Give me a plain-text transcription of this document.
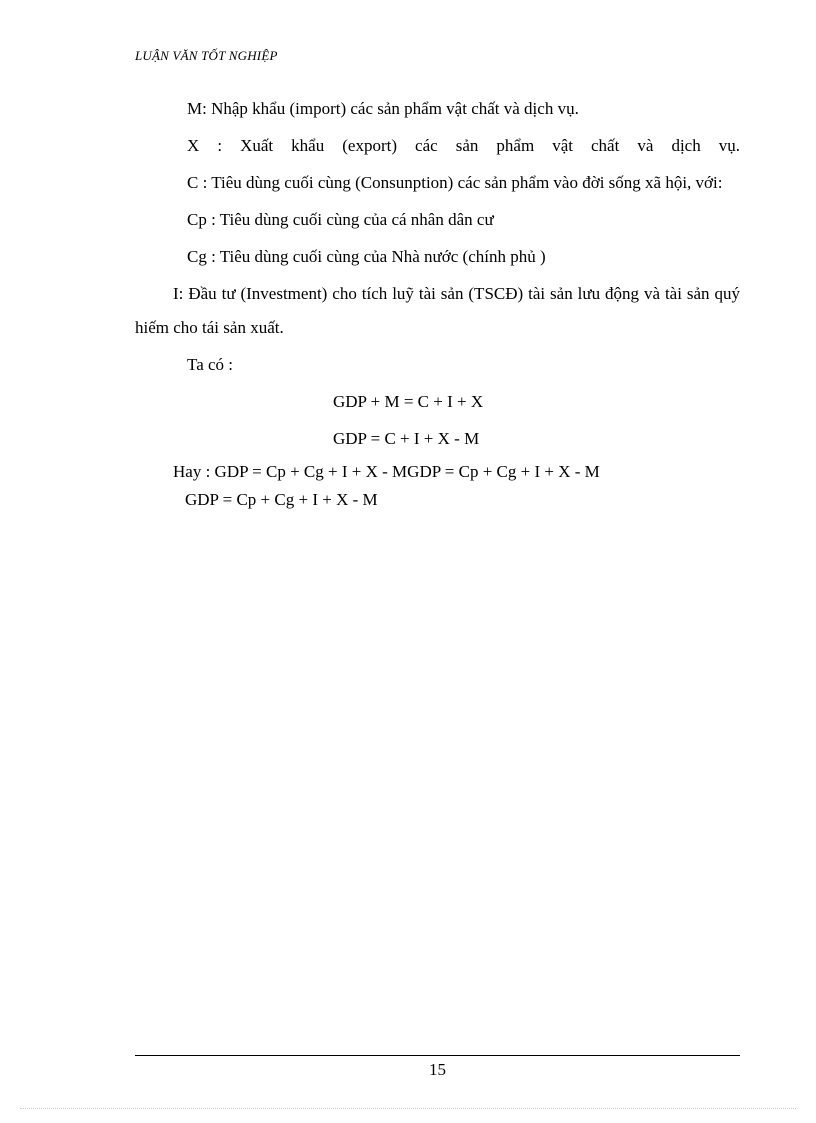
LUẬN VĂN TỐT NGHIỆP

M: Nhập khẩu (import) các sản phẩm vật chất và dịch vụ.

X : Xuất khẩu (export) các sản phẩm vật chất và dịch vụ.

C : Tiêu dùng cuối cùng (Consunption) các sản phẩm vào đời sống xã hội, với:

Cp : Tiêu dùng cuối cùng của cá nhân dân cư

Cg : Tiêu dùng cuối cùng của Nhà nước (chính phủ )

I: Đầu tư (Investment) cho tích luỹ tài sản (TSCĐ) tài sản lưu động và tài sản quý hiếm cho tái sản xuất.

Ta có :

GDP + M = C + I + X

GDP = C + I + X - M

Hay : GDP = Cp + Cg + I + X - MGDP = Cp + Cg + I + X - M

GDP = Cp + Cg + I + X - M

15
